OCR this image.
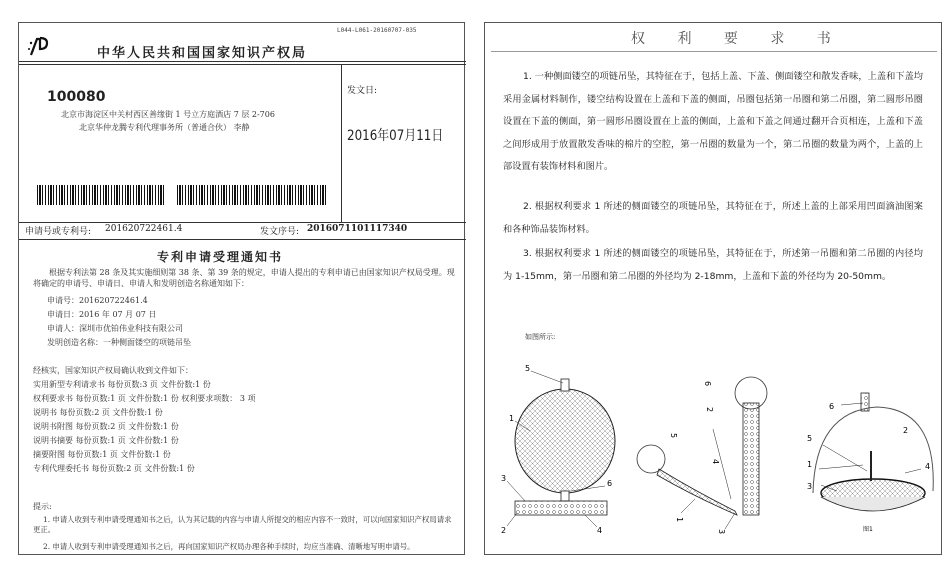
L044-L061-20160707-035
中华人民共和国国家知识产权局
100080
北京市海淀区中关村西区善缘街 1 号立方庭酒店 7 层 2-706
北京华仲龙腾专利代理事务所（普通合伙） 李静
发文日:
2016年07月11日
申请号或专利号: 201620722461.4	发文序号: 2016071101117340
专利申请受理通知书
根据专利法第 28 条及其实施细则第 38 条、第 39 条的规定，申请人提出的专利申请已由国家知识产权局受理。现将确定的申请号、申请日、申请人和发明创造名称通知如下：
申请号：201620722461.4
申请日：2016 年 07 月 07 日
申请人：深圳市优铂伟业科技有限公司
发明创造名称：一种侧面镂空的项链吊坠
经核实，国家知识产权局确认收到文件如下：
实用新型专利请求书 每份页数:3 页 文件份数:1 份
权利要求书 每份页数:1 页 文件份数:1 份 权利要求项数： 3 项
说明书 每份页数:2 页 文件份数:1 份
说明书附图 每份页数:2 页 文件份数:1 份
说明书摘要 每份页数:1 页 文件份数:1 份
摘要附图 每份页数:1 页 文件份数:1 份
专利代理委托书 每份页数:2 页 文件份数:1 份
提示:
1. 申请人收到专利申请受理通知书之后，认为其记载的内容与申请人所提交的相应内容不一致时，可以向国家知识产权局请求更正。
2. 申请人收到专利申请受理通知书之后，再向国家知识产权局办理各种手续时，均应当准确、清晰地写明申请号。
权 利 要 求 书
1. 一种侧面镂空的项链吊坠，其特征在于，包括上盖、下盖、侧面镂空和散发香味，上盖和下盖均采用金属材料制作，镂空结构设置在上盖和下盖的侧面，吊圈包括第一吊圈和第二吊圈，第二圆形吊圈设置在下盖的侧面，第一圆形吊圈设置在上盖的侧面，上盖和下盖之间通过翻开合页相连，上盖和下盖之间形成用于放置散发香味的棉片的空腔，第一吊圈的数量为一个，第二吊圈的数量为两个，上盖的上部设置有装饰材料和图片。
2. 根据权利要求 1 所述的侧面镂空的项链吊坠，其特征在于，所述上盖的上部采用凹面滴油图案和各种饰品装饰材料。
3. 根据权利要求 1 所述的侧面镂空的项链吊坠，其特征在于，所述第一吊圈和第二吊圈的内径均为 1-15mm，第一吊圈和第二吊圈的外径均为 2-18mm，上盖和下盖的外径均为 20-50mm。
如图所示:
5
1
3
6
2	4
6
2
5
4
1
3
6
2
5
1	4
3
图1
